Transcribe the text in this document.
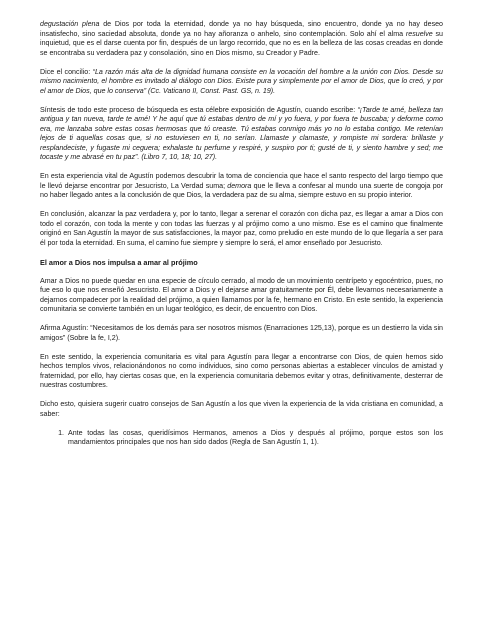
degustación plena de Dios por toda la eternidad, donde ya no hay búsqueda, sino encuentro, donde ya no hay deseo insatisfecho, sino saciedad absoluta, donde ya no hay añoranza o anhelo, sino contemplación. Solo ahí el alma resuelve su inquietud, que es el darse cuenta por fin, después de un largo recorrido, que no es en la belleza de las cosas creadas en donde se encontraba su verdadera paz y consolación, sino en Dios mismo, su Creador y Padre.

Dice el concilio: “La razón más alta de la dignidad humana consiste en la vocación del hombre a la unión con Dios. Desde su mismo nacimiento, el hombre es invitado al diálogo con Dios. Existe pura y simplemente por el amor de Dios, que lo creó, y por el amor de Dios, que lo conserva” (Cc. Vaticano II, Const. Past. GS, n. 19).

Síntesis de todo este proceso de búsqueda es esta célebre exposición de Agustín, cuando escribe: “¡Tarde te amé, belleza tan antigua y tan nueva, tarde te amé! Y he aquí que tú estabas dentro de mí y yo fuera, y por fuera te buscaba; y deforme como era, me lanzaba sobre estas cosas hermosas que tú creaste. Tú estabas conmigo más yo no lo estaba contigo. Me retenían lejos de ti aquellas cosas que, si no estuviesen en ti, no serían. Llamaste y clamaste, y rompiste mi sordera: brillaste y resplandeciste, y fugaste mi ceguera; exhalaste tu perfume y respiré, y suspiro por ti; gusté de ti, y siento hambre y sed; me tocaste y me abrasé en tu paz”. (Libro 7, 10, 18; 10, 27).

En esta experiencia vital de Agustín podemos descubrir la toma de conciencia que hace el santo respecto del largo tiempo que le llevó dejarse encontrar por Jesucristo, La Verdad suma; demora que le lleva a confesar al mundo una suerte de congoja por no haber llegado antes a la conclusión de que Dios, la verdadera paz de su alma, siempre estuvo en su propio interior.

En conclusión, alcanzar la paz verdadera y, por lo tanto, llegar a serenar el corazón con dicha paz, es llegar a amar a Dios con todo el corazón, con toda la mente y con todas las fuerzas y al prójimo como a uno mismo. Ese es el camino que finalmente originó en San Agustín la mayor de sus satisfacciones, la mayor paz, como preludio en este mundo de lo que llegaría a ser para él por toda la eternidad. En suma, el camino fue siempre y siempre lo será, el amor enseñado por Jesucristo.

El amor a Dios nos impulsa a amar al prójimo

Amar a Dios no puede quedar en una especie de círculo cerrado, al modo de un movimiento centrípeto y egocéntrico, pues, no fue eso lo que nos enseñó Jesucristo. El amor a Dios y el dejarse amar gratuitamente por Él, debe llevarnos necesariamente a dejarnos compadecer por la realidad del prójimo, a quien llamamos por la fe, hermano en Cristo. En este sentido, la experiencia comunitaria se convierte también en un lugar teológico, es decir, de encuentro con Dios.

Afirma Agustín: “Necesitamos de los demás para ser nosotros mismos (Enarraciones 125,13), porque es un destierro la vida sin amigos” (Sobre la fe, I,2).

En este sentido, la experiencia comunitaria es vital para Agustín para llegar a encontrarse con Dios, de quien hemos sido hechos templos vivos, relacionándonos no como individuos, sino como personas abiertas a establecer vínculos de amistad y fraternidad, por ello, hay ciertas cosas que, en la experiencia comunitaria debemos evitar y otras, definitivamente, desterrar de nuestras costumbres.

Dicho esto, quisiera sugerir cuatro consejos de San Agustín a los que viven la experiencia de la vida cristiana en comunidad, a saber:

1. Ante todas las cosas, queridísimos Hermanos, amenos a Dios y después al prójimo, porque estos son los mandamientos principales que nos han sido dados (Regla de San Agustín 1, 1).
